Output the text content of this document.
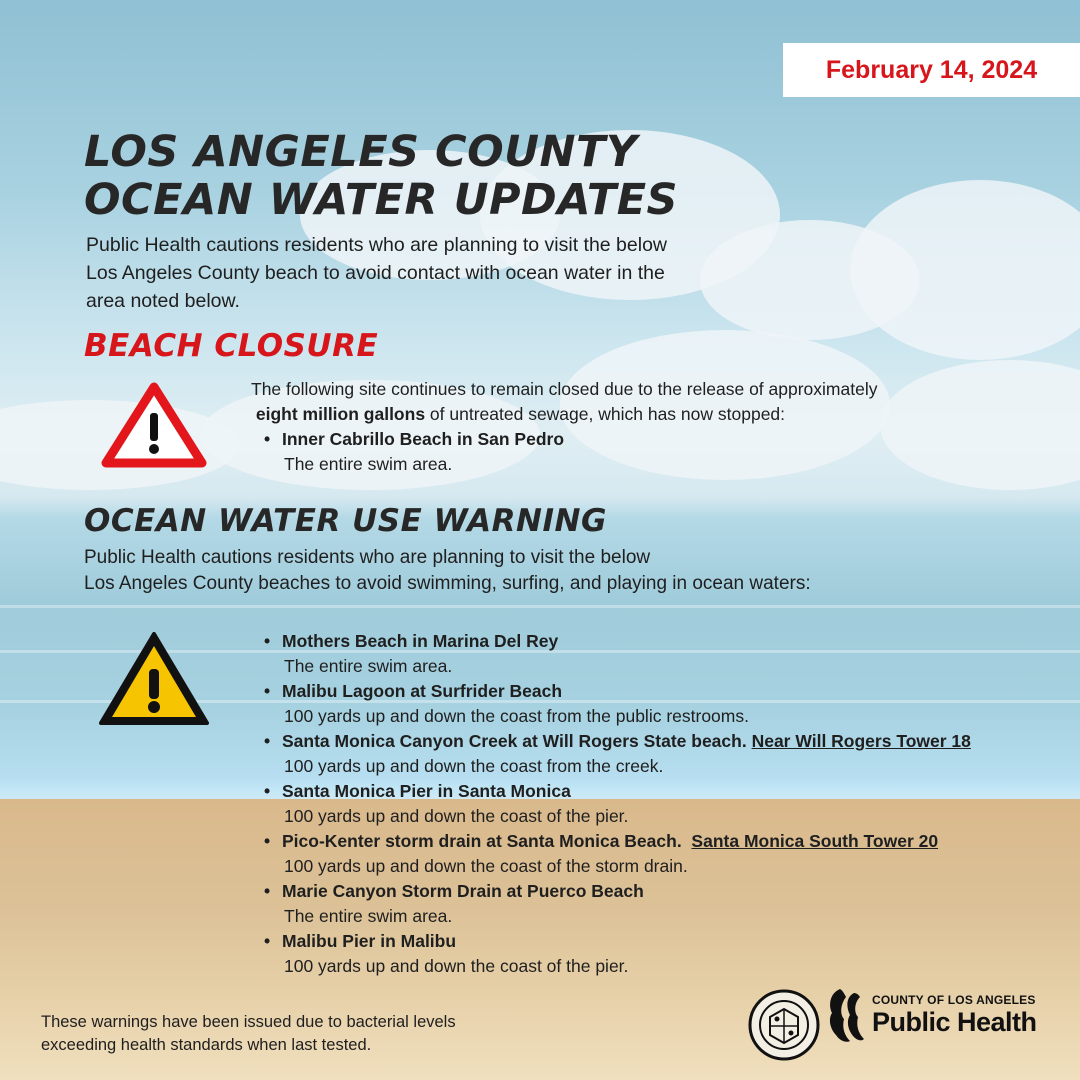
February 14, 2024
LOS ANGELES COUNTY
OCEAN WATER UPDATES
Public Health cautions residents who are planning to visit the below
Los Angeles County beach to avoid contact with ocean water in the
area noted below.
BEACH CLOSURE
The following site continues to remain closed due to the release of approximately
eight million gallons of untreated sewage, which has now stopped:
• Inner Cabrillo Beach in San Pedro
The entire swim area.
OCEAN WATER USE WARNING
Public Health cautions residents who are planning to visit the below
Los Angeles County beaches to avoid swimming, surfing, and playing in ocean waters:
• Mothers Beach in Marina Del Rey
The entire swim area.
• Malibu Lagoon at Surfrider Beach
100 yards up and down the coast from the public restrooms.
• Santa Monica Canyon Creek at Will Rogers State beach. Near Will Rogers Tower 18
100 yards up and down the coast from the creek.
• Santa Monica Pier in Santa Monica
100 yards up and down the coast of the pier.
• Pico-Kenter storm drain at Santa Monica Beach. Santa Monica South Tower 20
100 yards up and down the coast of the storm drain.
• Marie Canyon Storm Drain at Puerco Beach
The entire swim area.
• Malibu Pier in Malibu
100 yards up and down the coast of the pier.
These warnings have been issued due to bacterial levels
exceeding health standards when last tested.
COUNTY OF LOS ANGELES
Public Health
